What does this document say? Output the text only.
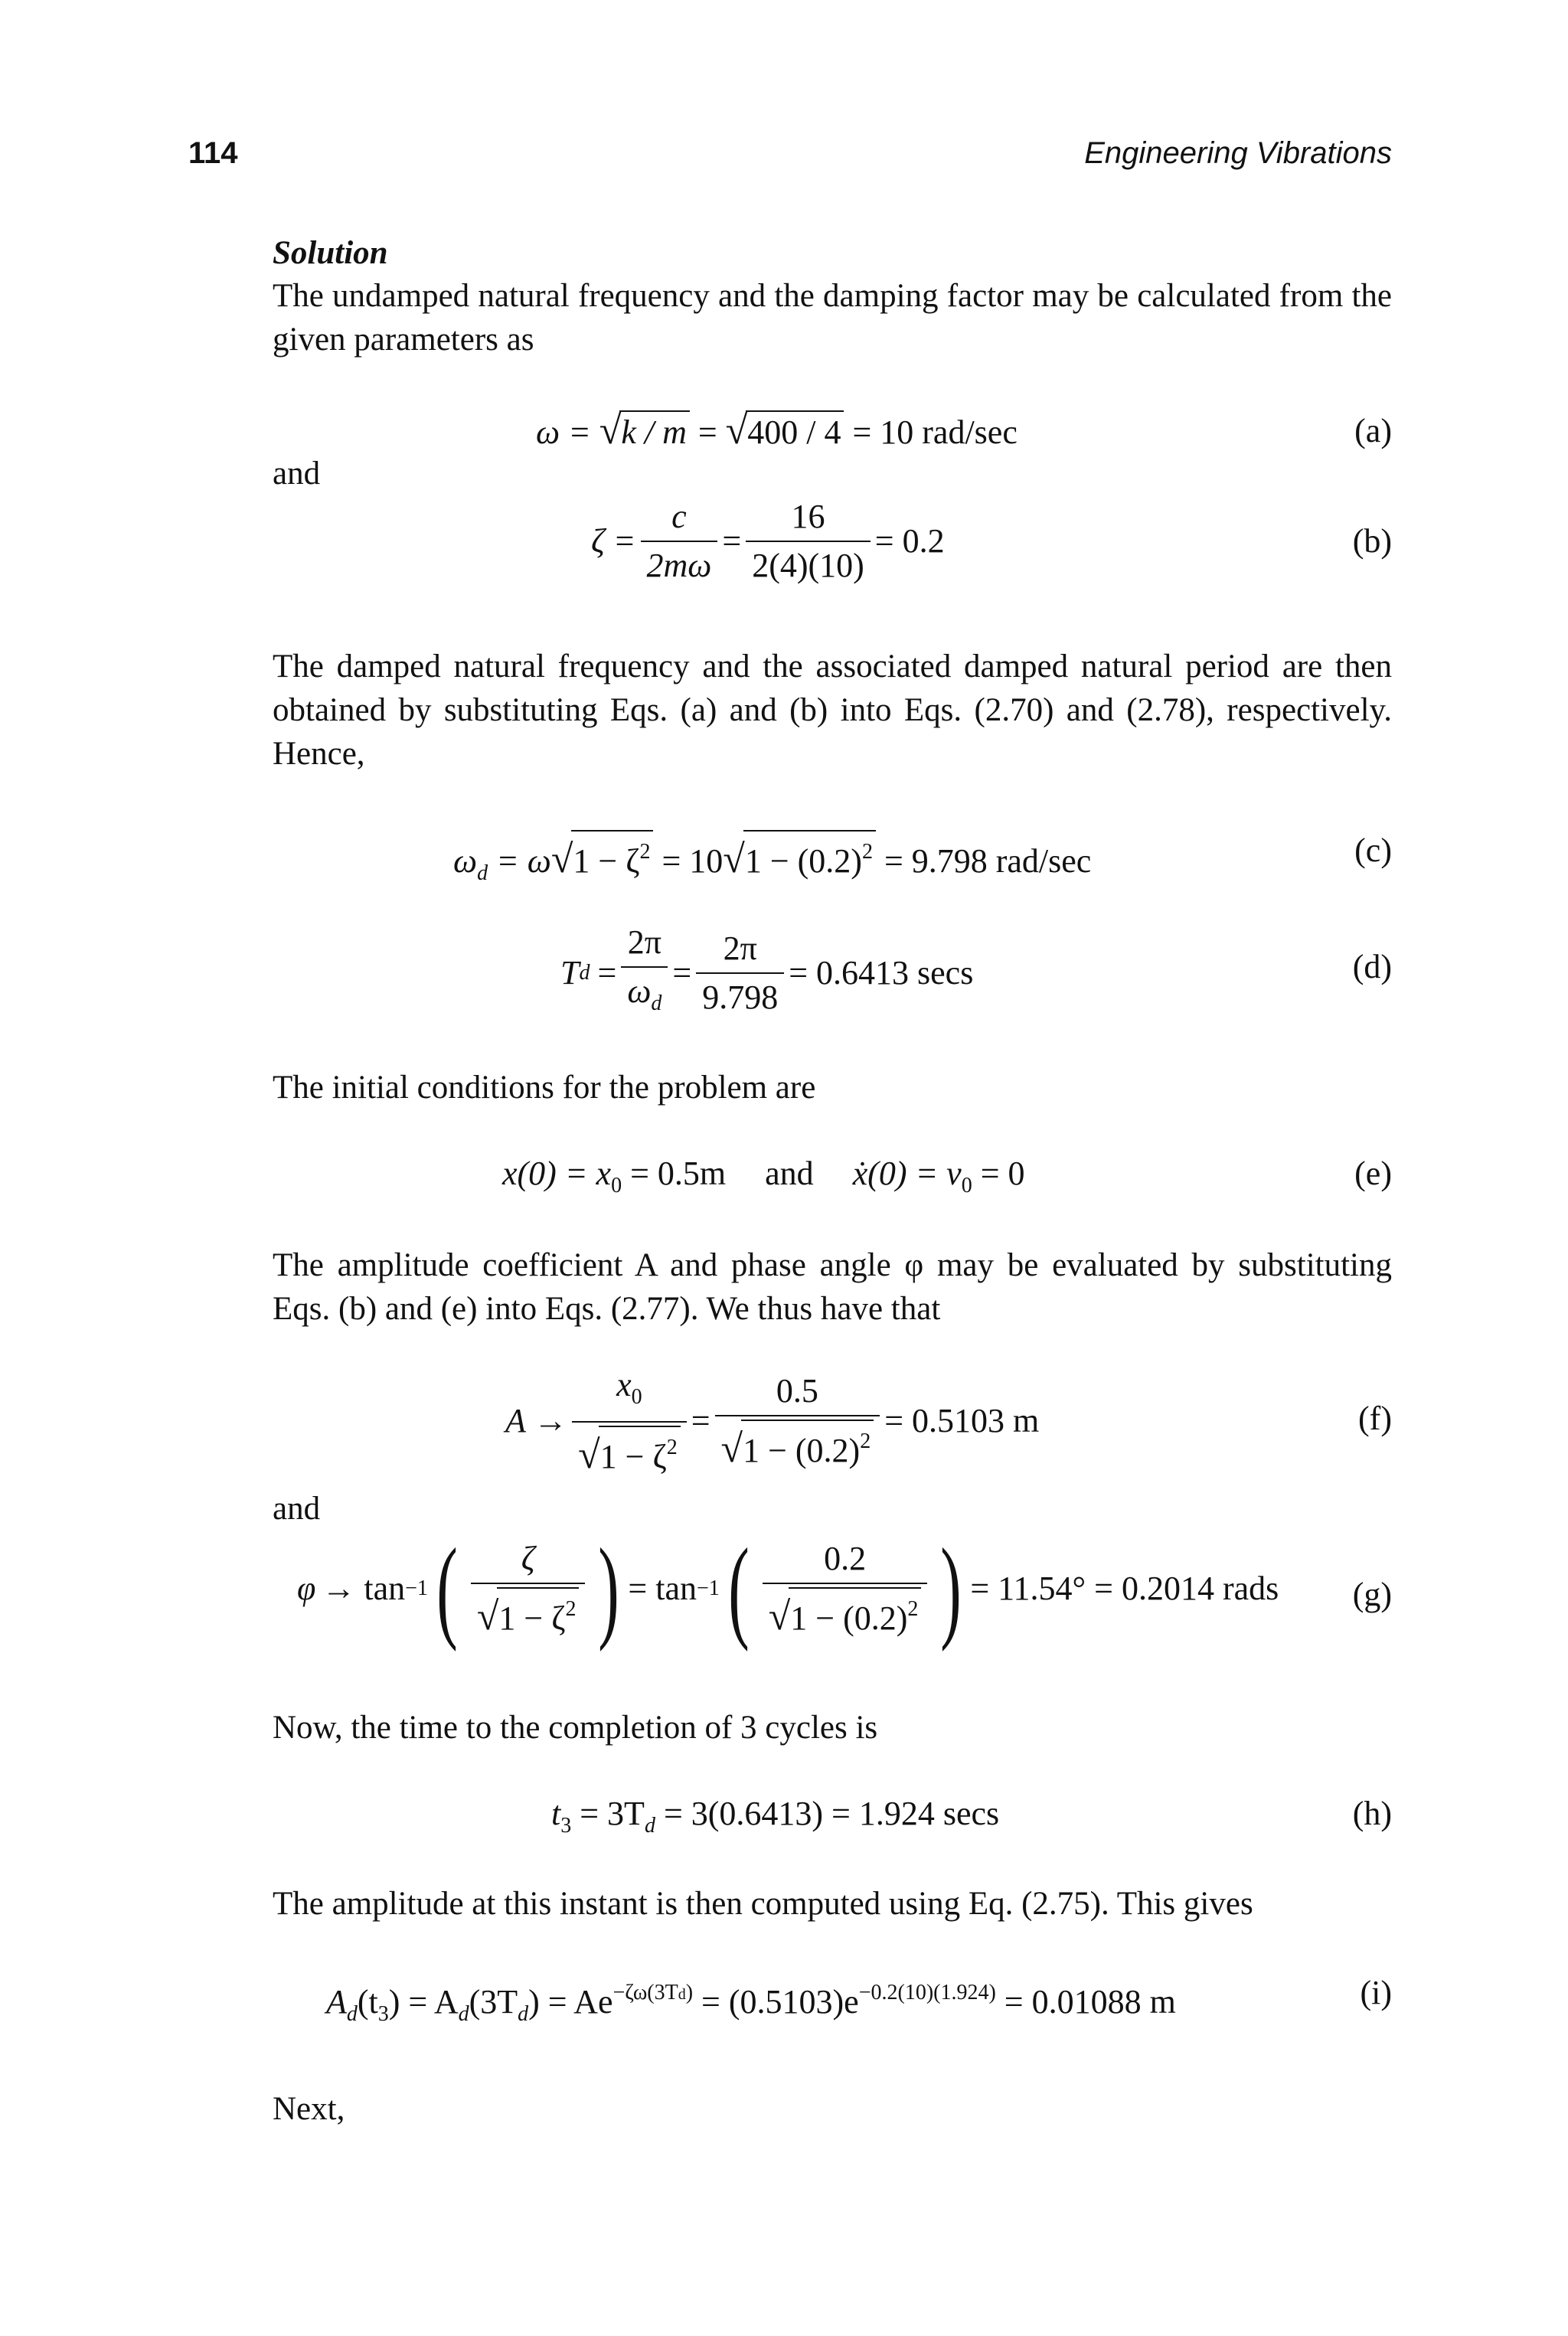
114	Engineering Vibrations
Solution
The undamped natural frequency and the damping factor may be calculated from the given parameters as
ω = √k / m = √400 / 4 = 10 rad/sec	(a)
and
$\zeta = \frac{c}{2m\omega} = \frac{16}{2(4)(10)} = 0.2$	(b)
The damped natural frequency and the associated damped natural period are then obtained by substituting Eqs. (a) and (b) into Eqs. (2.70) and (2.78), respectively. Hence,
$\omega_d = \omega√1 - \zeta^2 = 10√1 - (0.2)^2 = 9.798$ rad/sec	(c)
T $d = \frac{2\pi}{\omega_d} = \frac{2\pi}{9.798} = 0.6413$ secs	(d)
The initial conditions for the problem are
$x(0) = x_0 = 0.5m$ and ẋ(0) = $v_0 = 0$	(e)
The amplitude coefficient A and phase angle φ may be evaluated by substituting Eqs. (b) and (e) into Eqs. (2.77). We thus have that
$A \to \frac{x_0}{√1 - \zeta^2} = \frac{0.5}{√1 - (0.2)^2} = 0.5103$ m	(f)
and
φ → tan −1 ( $\frac{\zeta}{√1 - \zeta^2}$ ) = tan −1 ( $\frac{0.2}{√1 - (0.2)^2}$ ) = 11.54° = 0.2014 rads (g)
Now, the time to the completion of 3 cycles is
$t_3 = 3T_d = 3(0.6413) = 1.924$ secs	(h)
The amplitude at this instant is then computed using Eq. (2.75). This gives
$A_d(t_3) = A_d(3T_d) = Ae^{-\zeta\omega(3Td)} = (0.5103)e^{-0.2(10)(1.924)} = 0.01088$ m	(i)
Next,
